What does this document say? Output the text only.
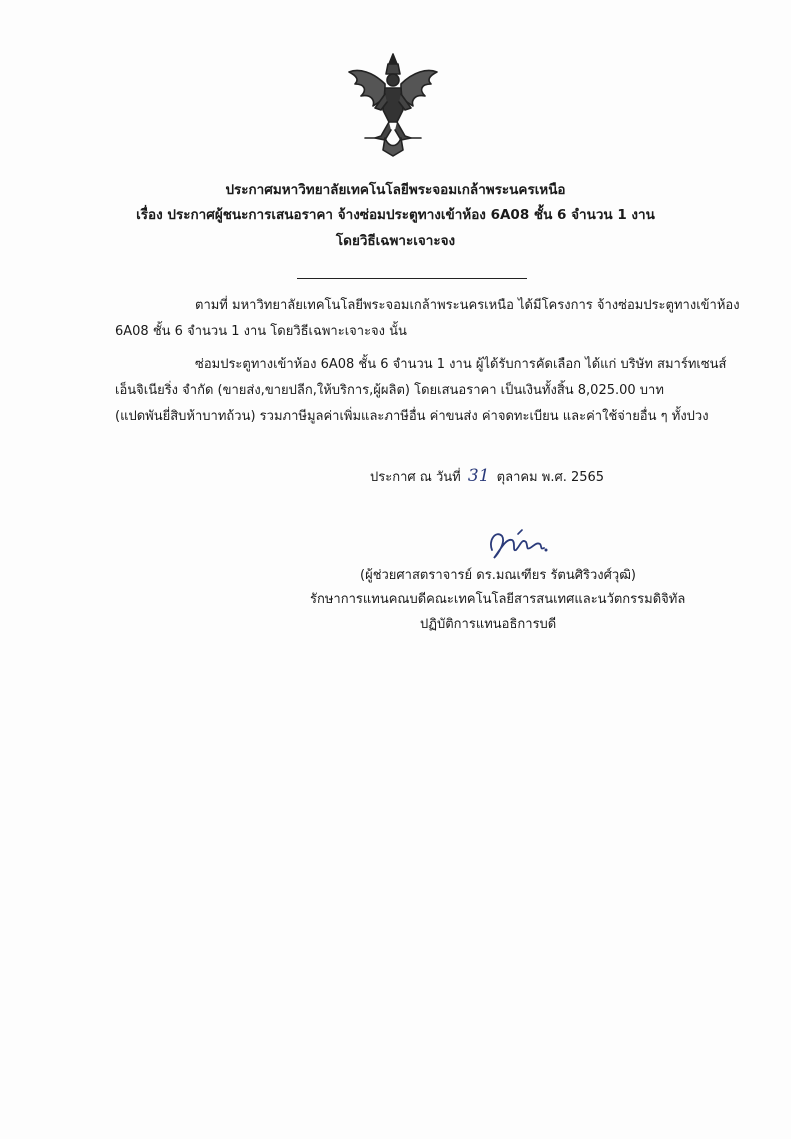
ประกาศมหาวิทยาลัยเทคโนโลยีพระจอมเกล้าพระนครเหนือ
เรื่อง ประกาศผู้ชนะการเสนอราคา จ้างซ่อมประตูทางเข้าห้อง 6A08 ชั้น 6 จำนวน 1 งาน
โดยวิธีเฉพาะเจาะจง
ตามที่ มหาวิทยาลัยเทคโนโลยีพระจอมเกล้าพระนครเหนือ ได้มีโครงการ จ้างซ่อมประตูทางเข้าห้อง
6A08 ชั้น 6 จำนวน 1 งาน โดยวิธีเฉพาะเจาะจง นั้น
ซ่อมประตูทางเข้าห้อง 6A08 ชั้น 6 จำนวน 1 งาน ผู้ได้รับการคัดเลือก ได้แก่ บริษัท สมาร์ทเซนส์
เอ็นจิเนียริ่ง จำกัด (ขายส่ง,ขายปลีก,ให้บริการ,ผู้ผลิต) โดยเสนอราคา เป็นเงินทั้งสิ้น 8,025.00 บาท
(แปดพันยี่สิบห้าบาทถ้วน) รวมภาษีมูลค่าเพิ่มและภาษีอื่น ค่าขนส่ง ค่าจดทะเบียน และค่าใช้จ่ายอื่น ๆ ทั้งปวง
ประกาศ ณ วันที่ 31 ตุลาคม พ.ศ. 2565
(ผู้ช่วยศาสตราจารย์ ดร.มณเฑียร รัตนศิริวงศ์วุฒิ)
รักษาการแทนคณบดีคณะเทคโนโลยีสารสนเทศและนวัตกรรมดิจิทัล
ปฏิบัติการแทนอธิการบดี
